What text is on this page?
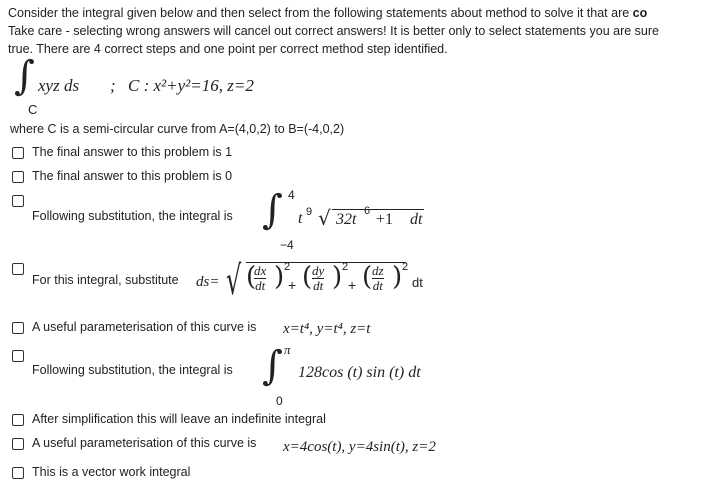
Consider the integral given below and then select from the following statements about method to solve it that are co
Take care - selecting wrong answers will cancel out correct answers! It is better only to select statements you are sure
true. There are 4 correct steps and one point per correct method step identified.
∫
C
xyz ds ; C : x²+y²=16, z=2
where C is a semi-circular curve from A=(4,0,2) to B=(-4,0,2)
The final answer to this problem is 1
The final answer to this problem is 0
Following substitution, the integral is ∫ 4
−4
t 9 √ 32t 6 +1 dt
For this integral, substitute ds= √ (
dx
dt ) 2
+ ( dy
dt ) 2
+ ( dz
dt ) 2
dt
A useful parameterisation of this curve is x=t⁴, y=t⁴, z=t
Following substitution, the integral is ∫ π
0
128cos (t) sin (t) dt
After simplification this will leave an indefinite integral
A useful parameterisation of this curve is x=4cos(t), y=4sin(t), z=2
This is a vector work integral
